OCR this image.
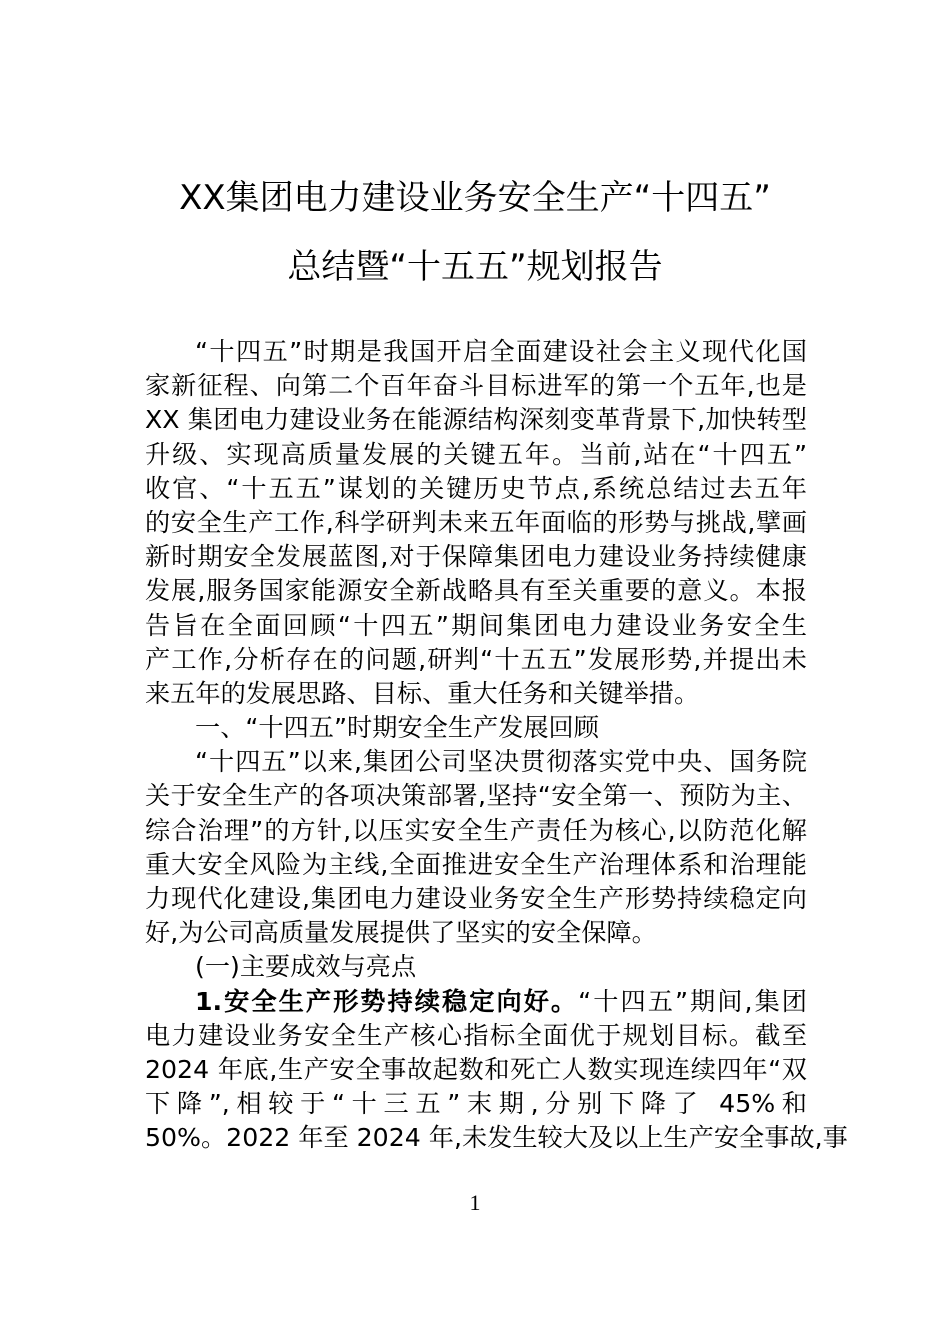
XX集团电力建设业务安全生产“十四五”
总结暨“十五五”规划报告
“十四五”时期是我国开启全面建设社会主义现代化国
家新征程、向第二个百年奋斗目标进军的第一个五年,也是
XX 集团电力建设业务在能源结构深刻变革背景下,加快转型
升级、实现高质量发展的关键五年。当前,站在“十四五”
收官、“十五五”谋划的关键历史节点,系统总结过去五年
的安全生产工作,科学研判未来五年面临的形势与挑战,擘画
新时期安全发展蓝图,对于保障集团电力建设业务持续健康
发展,服务国家能源安全新战略具有至关重要的意义。本报
告旨在全面回顾“十四五”期间集团电力建设业务安全生
产工作,分析存在的问题,研判“十五五”发展形势,并提出未
来五年的发展思路、目标、重大任务和关键举措。
一、“十四五”时期安全生产发展回顾
“十四五”以来,集团公司坚决贯彻落实党中央、国务院
关于安全生产的各项决策部署,坚持“安全第一、预防为主、
综合治理”的方针,以压实安全生产责任为核心,以防范化解
重大安全风险为主线,全面推进安全生产治理体系和治理能
力现代化建设,集团电力建设业务安全生产形势持续稳定向
好,为公司高质量发展提供了坚实的安全保障。
(一)主要成效与亮点
1.安全生产形势持续稳定向好。“十四五”期间,集团
电力建设业务安全生产核心指标全面优于规划目标。截至
2024 年底,生产安全事故起数和死亡人数实现连续四年“双
下降”,相较于“十三五”末期,分别下降了 45%和
50%。2022 年至 2024 年,未发生较大及以上生产安全事故,事
1
